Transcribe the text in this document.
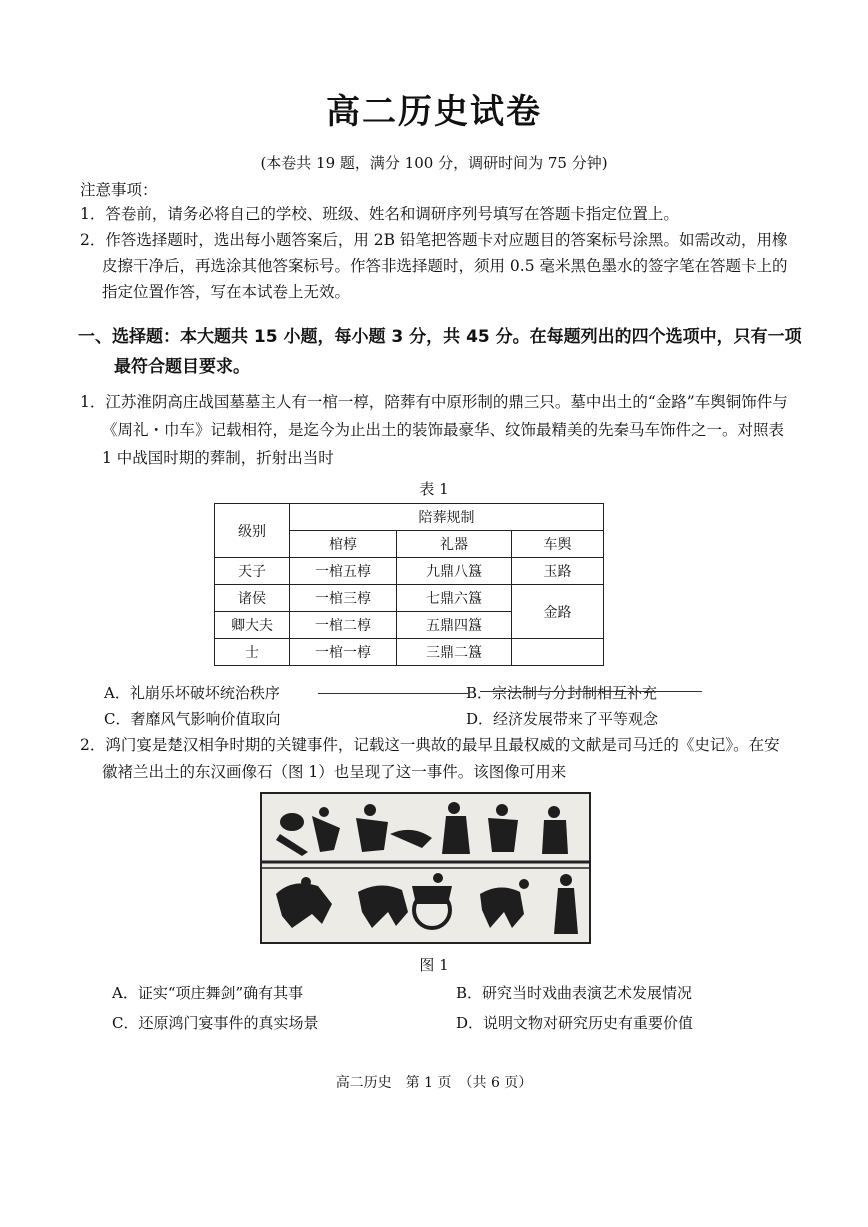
高二历史试卷
(本卷共 19 题，满分 100 分，调研时间为 75 分钟)
注意事项：
1．答卷前，请务必将自己的学校、班级、姓名和调研序列号填写在答题卡指定位置上。
2．作答选择题时，选出每小题答案后，用 2B 铅笔把答题卡对应题目的答案标号涂黑。如需改动，用橡皮擦干净后，再选涂其他答案标号。作答非选择题时，须用 0.5 毫米黑色墨水的签字笔在答题卡上的指定位置作答，写在本试卷上无效。
一、选择题：本大题共 15 小题，每小题 3 分，共 45 分。在每题列出的四个选项中，只有一项最符合题目要求。
1．江苏淮阴高庄战国墓墓主人有一棺一椁，陪葬有中原形制的鼎三只。墓中出土的“金路”车舆铜饰件与《周礼・巾车》记载相符，是迄今为止出土的装饰最豪华、纹饰最精美的先秦马车饰件之一。对照表 1 中战国时期的葬制，折射出当时
表 1
级别	陪葬规制		
	棺椁	礼器	车舆
天子	一棺五椁	九鼎八簋	玉路
诸侯	一棺三椁	七鼎六簋	金路
卿大夫	一棺二椁	五鼎四簋	
士	一棺一椁	三鼎二簋	
A．礼崩乐坏破坏统治秩序	B．宗法制与分封制相互补充
C．奢靡风气影响价值取向	D．经济发展带来了平等观念
2．鸿门宴是楚汉相争时期的关键事件，记载这一典故的最早且最权威的文献是司马迁的《史记》。在安徽褚兰出土的东汉画像石（图 1）也呈现了这一事件。该图像可用来
图 1
A．证实“项庄舞剑”确有其事	B．研究当时戏曲表演艺术发展情况
C．还原鸿门宴事件的真实场景	D．说明文物对研究历史有重要价值
高二历史　第 1 页　（共 6 页）
